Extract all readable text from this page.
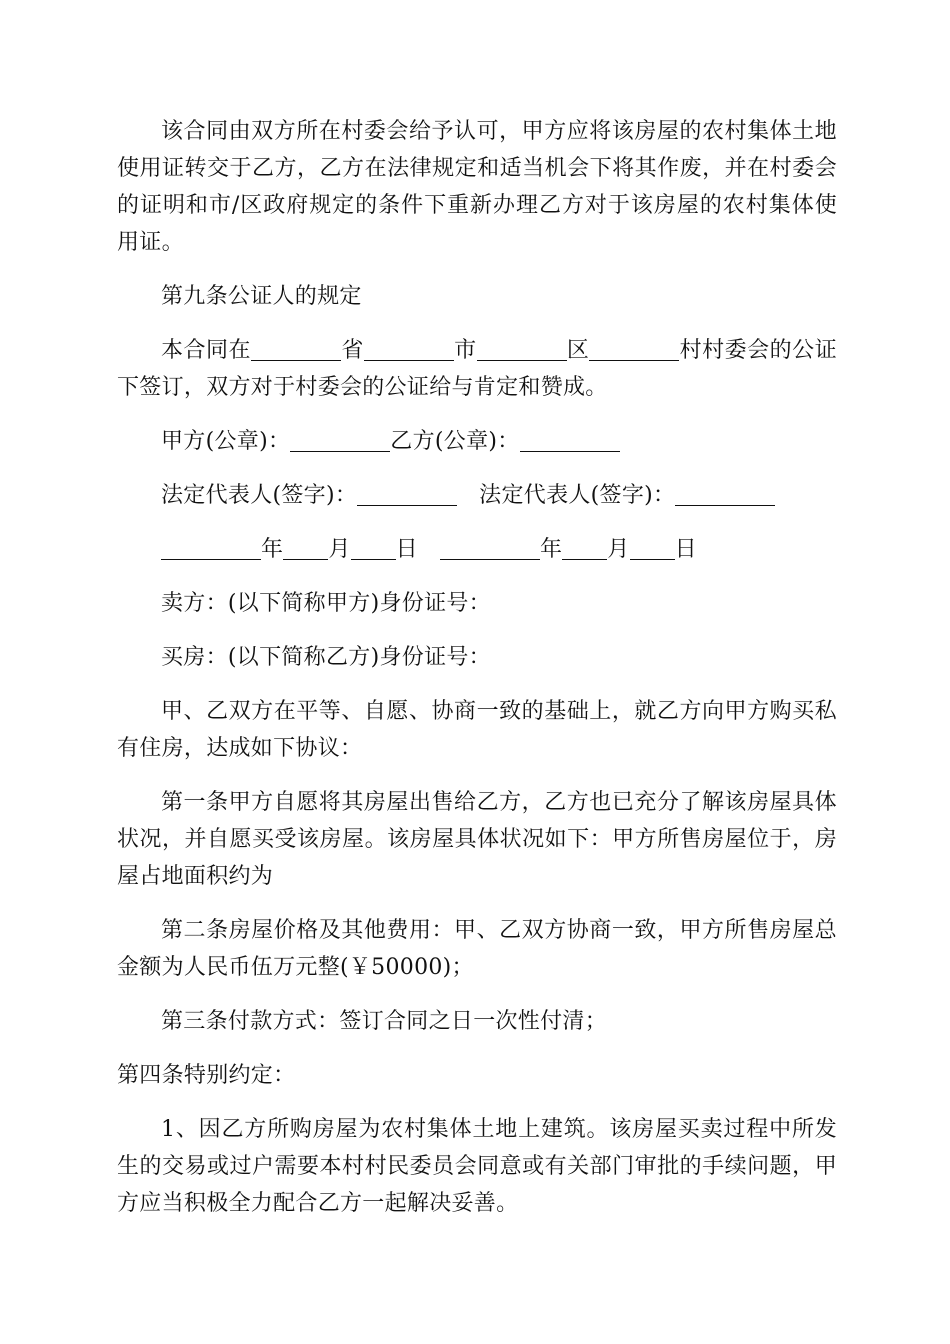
该合同由双方所在村委会给予认可，甲方应将该房屋的农村集体土地使用证转交于乙方，乙方在法律规定和适当机会下将其作废，并在村委会的证明和市/区政府规定的条件下重新办理乙方对于该房屋的农村集体使用证。

第九条公证人的规定

本合同在	省	市	区	村村委会的公证下签订，双方对于村委会的公证给与肯定和赞成。

甲方(公章)：	乙方(公章)：

法定代表人(签字)：	法定代表人(签字)：

年 月 日	年 月 日

卖方：(以下简称甲方)身份证号：

买房：(以下简称乙方)身份证号：

甲、乙双方在平等、自愿、协商一致的基础上，就乙方向甲方购买私有住房，达成如下协议：

第一条甲方自愿将其房屋出售给乙方，乙方也已充分了解该房屋具体状况，并自愿买受该房屋。该房屋具体状况如下：甲方所售房屋位于，房屋占地面积约为

第二条房屋价格及其他费用：甲、乙双方协商一致，甲方所售房屋总金额为人民币伍万元整(￥50000)；

第三条付款方式：签订合同之日一次性付清；

第四条特别约定：

1、因乙方所购房屋为农村集体土地上建筑。该房屋买卖过程中所发生的交易或过户需要本村村民委员会同意或有关部门审批的手续问题，甲方应当积极全力配合乙方一起解决妥善。
